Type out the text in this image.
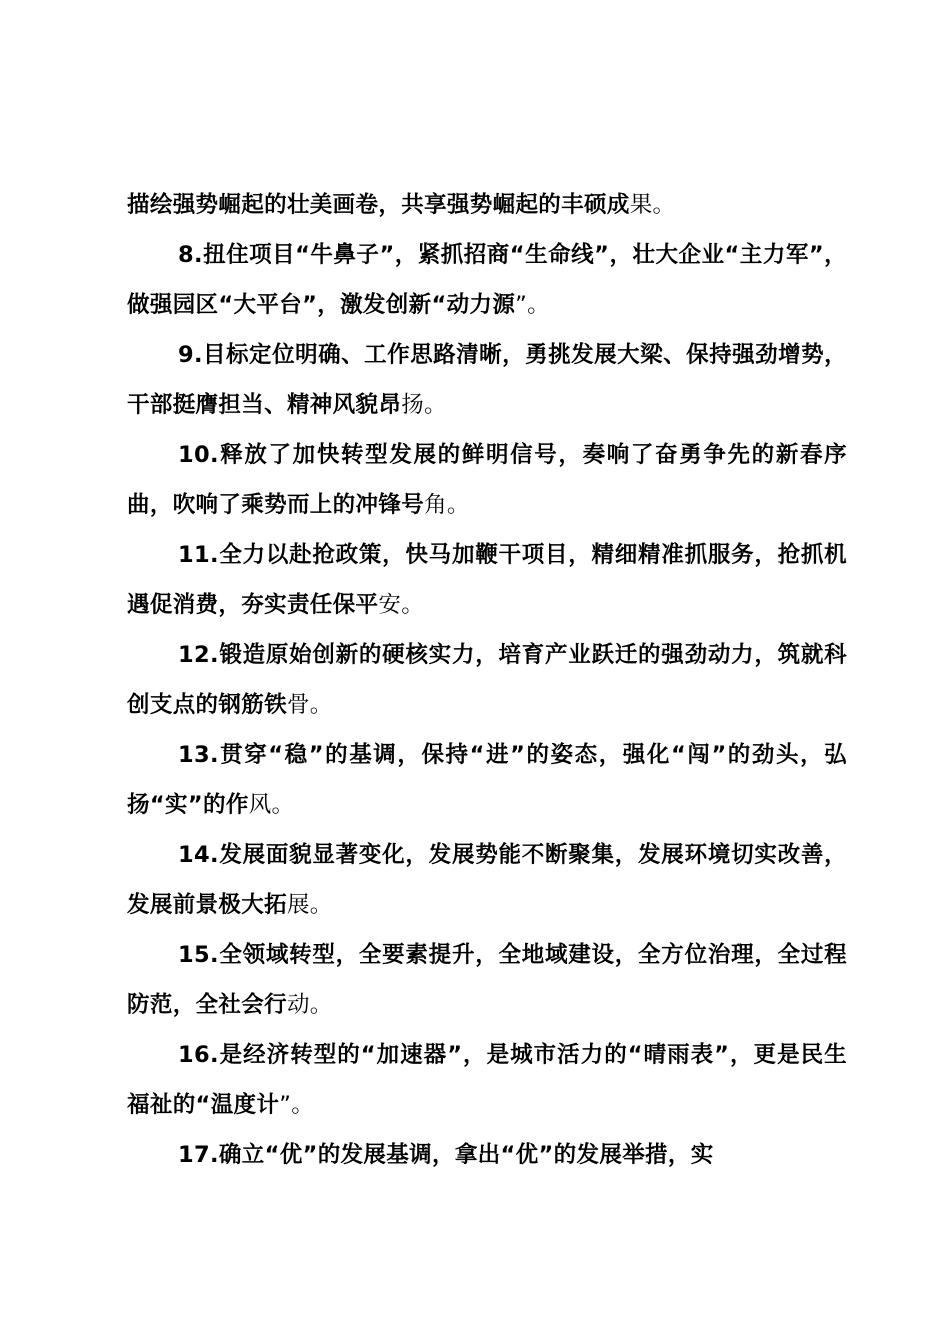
描绘强势崛起的壮美画卷，共享强势崛起的丰硕成果。

8.扭住项目“牛鼻子”，紧抓招商“生命线”，壮大企业“主力军”，做强园区“大平台”，激发创新“动力源”。

9.目标定位明确、工作思路清晰，勇挑发展大梁、保持强劲增势，干部挺膺担当、精神风貌昂扬。

10.释放了加快转型发展的鲜明信号，奏响了奋勇争先的新春序曲，吹响了乘势而上的冲锋号角。

11.全力以赴抢政策，快马加鞭干项目，精细精准抓服务，抢抓机遇促消费，夯实责任保平安。

12.锻造原始创新的硬核实力，培育产业跃迁的强劲动力，筑就科创支点的钢筋铁骨。

13.贯穿“稳”的基调，保持“进”的姿态，强化“闯”的劲头，弘扬“实”的作风。

14.发展面貌显著变化，发展势能不断聚集，发展环境切实改善，发展前景极大拓展。

15.全领域转型，全要素提升，全地域建设，全方位治理，全过程防范，全社会行动。

16.是经济转型的“加速器”，是城市活力的“晴雨表”，更是民生福祉的“温度计”。

17.确立“优”的发展基调，拿出“优”的发展举措，实
